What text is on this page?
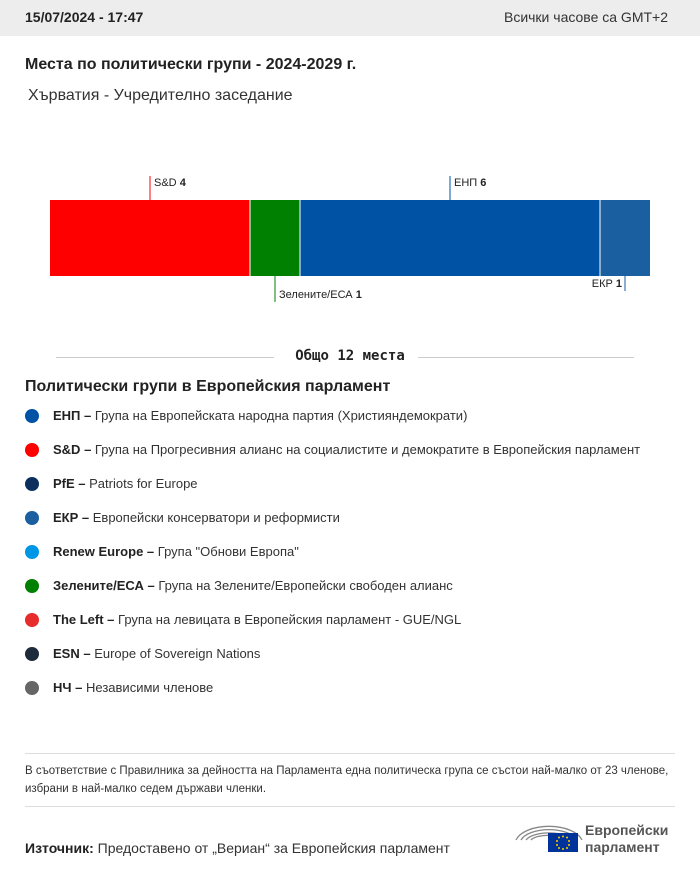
15/07/2024 - 17:47	Всички часове са GMT+2
Места по политически групи - 2024-2029 г.
Хърватия - Учредително заседание
S&D 4
Зелените/ЕСА 1
ЕНП 6
ЕКР 1
Общо 12 места
Политически групи в Европейския парламент
ЕНП – Група на Европейската народна партия (Християндемократи)
S&D – Група на Прогресивния алианс на социалистите и демократите в Европейския парламент
PfE – Patriots for Europe
ЕКР – Европейски консерватори и реформисти
Renew Europe – Група "Обнови Европа"
Зелените/ЕСА – Група на Зелените/Европейски свободен алианс
The Left – Група на левицата в Европейския парламент - GUE/NGL
ESN – Europe of Sovereign Nations
НЧ – Независими членове
В съответствие с Правилника за дейността на Парламента една политическа група се състои най-малко от 23 членове, избрани в най-малко седем държави членки.
Източник: Предоставено от „Вериан“ за Европейския парламент
Европейски
парламент
